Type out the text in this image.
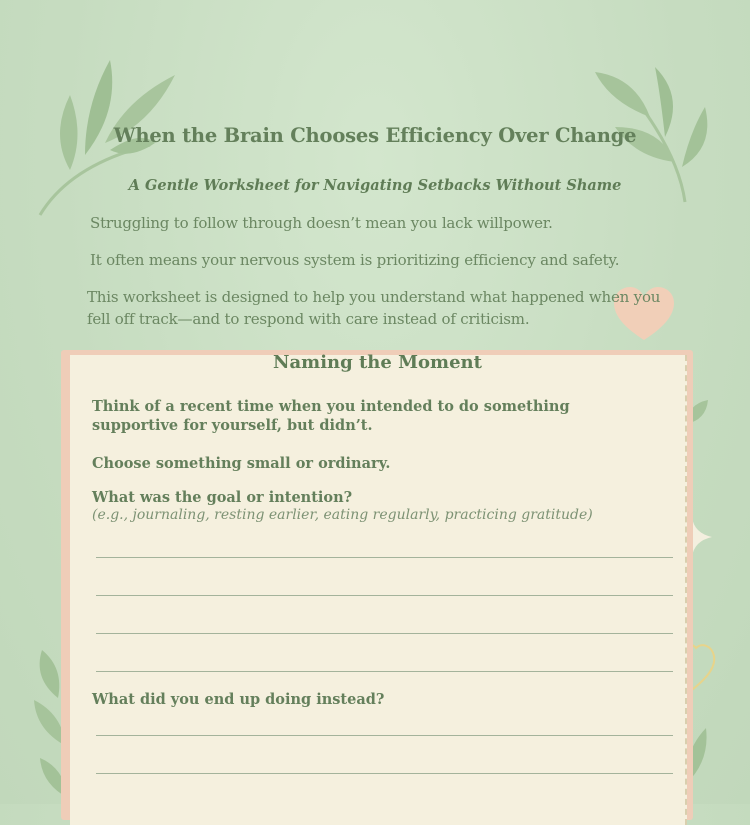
When the Brain Chooses Efficiency Over Change
A Gentle Worksheet for Navigating Setbacks Without Shame

Struggling to follow through doesn’t mean you lack willpower.

It often means your nervous system is prioritizing efficiency and safety.

This worksheet is designed to help you understand what happened when you fell off track—and to respond with care instead of criticism.

Naming the Moment

Think of a recent time when you intended to do something supportive for yourself, but didn’t.

Choose something small or ordinary.

What was the goal or intention?

(e.g., journaling, resting earlier, eating regularly, practicing gratitude)

What did you end up doing instead?
